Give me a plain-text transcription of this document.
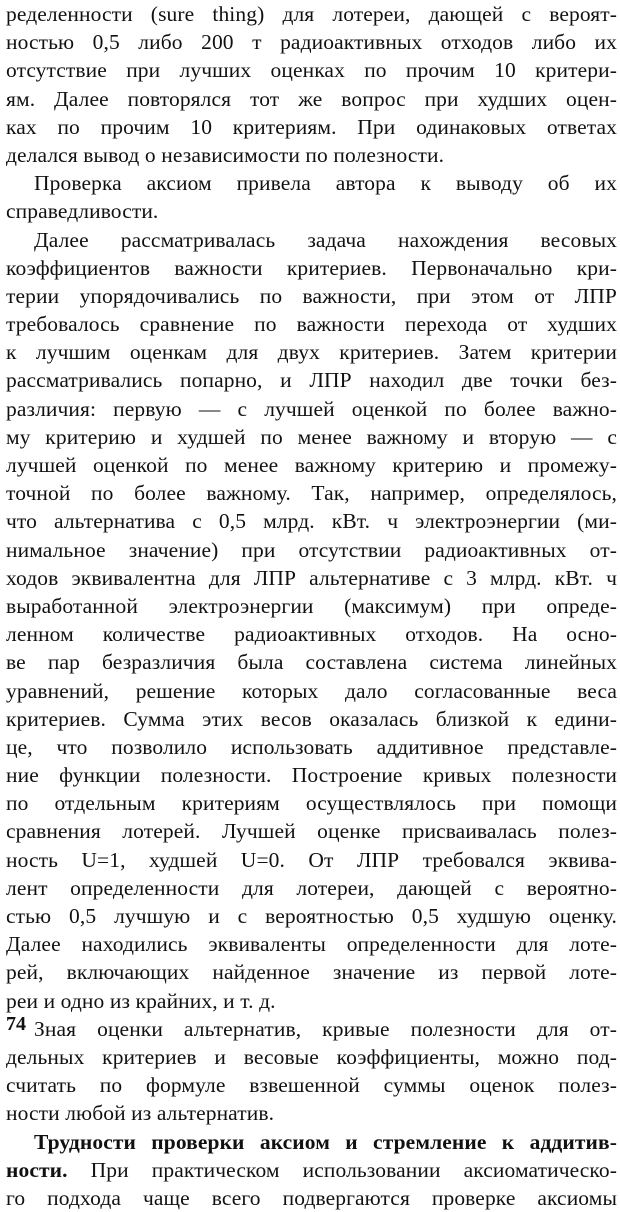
ределенности (sure thing) для лотереи, дающей с вероят-
ностью 0,5 либо 200 т радиоактивных отходов либо их
отсутствие при лучших оценках по прочим 10 критери-
ям. Далее повторялся тот же вопрос при худших оцен-
ках по прочим 10 критериям. При одинаковых ответах
делался вывод о независимости по полезности.
Проверка аксиом привела автора к выводу об их
справедливости.
Далее рассматривалась задача нахождения весовых
коэффициентов важности критериев. Первоначально кри-
терии упорядочивались по важности, при этом от ЛПР
требовалось сравнение по важности перехода от худших
к лучшим оценкам для двух критериев. Затем критерии
рассматривались попарно, и ЛПР находил две точки без-
различия: первую — с лучшей оценкой по более важно-
му критерию и худшей по менее важному и вторую — с
лучшей оценкой по менее важному критерию и промежу-
точной по более важному. Так, например, определялось,
что альтернатива с 0,5 млрд. кВт. ч электроэнергии (ми-
нимальное значение) при отсутствии радиоактивных от-
ходов эквивалентна для ЛПР альтернативе с 3 млрд. кВт. ч
выработанной электроэнергии (максимум) при опреде-
ленном количестве радиоактивных отходов. На осно-
ве пар безразличия была составлена система линейных
уравнений, решение которых дало согласованные веса
критериев. Сумма этих весов оказалась близкой к едини-
це, что позволило использовать аддитивное представле-
ние функции полезности. Построение кривых полезности
по отдельным критериям осуществлялось при помощи
сравнения лотерей. Лучшей оценке присваивалась полез-
ность U=1, худшей U=0. От ЛПР требовался эквива-
лент определенности для лотереи, дающей с вероятно-
стью 0,5 лучшую и с вероятностью 0,5 худшую оценку.
Далее находились эквиваленты определенности для лоте-
рей, включающих найденное значение из первой лоте-
реи и одно из крайних, и т. д.
Зная оценки альтернатив, кривые полезности для от-
дельных критериев и весовые коэффициенты, можно под-
считать по формуле взвешенной суммы оценок полез-
ности любой из альтернатив.
Трудности проверки аксиом и стремление к аддитив-
ности. При практическом использовании аксиоматическо-
го подхода чаще всего подвергаются проверке аксиомы
74
